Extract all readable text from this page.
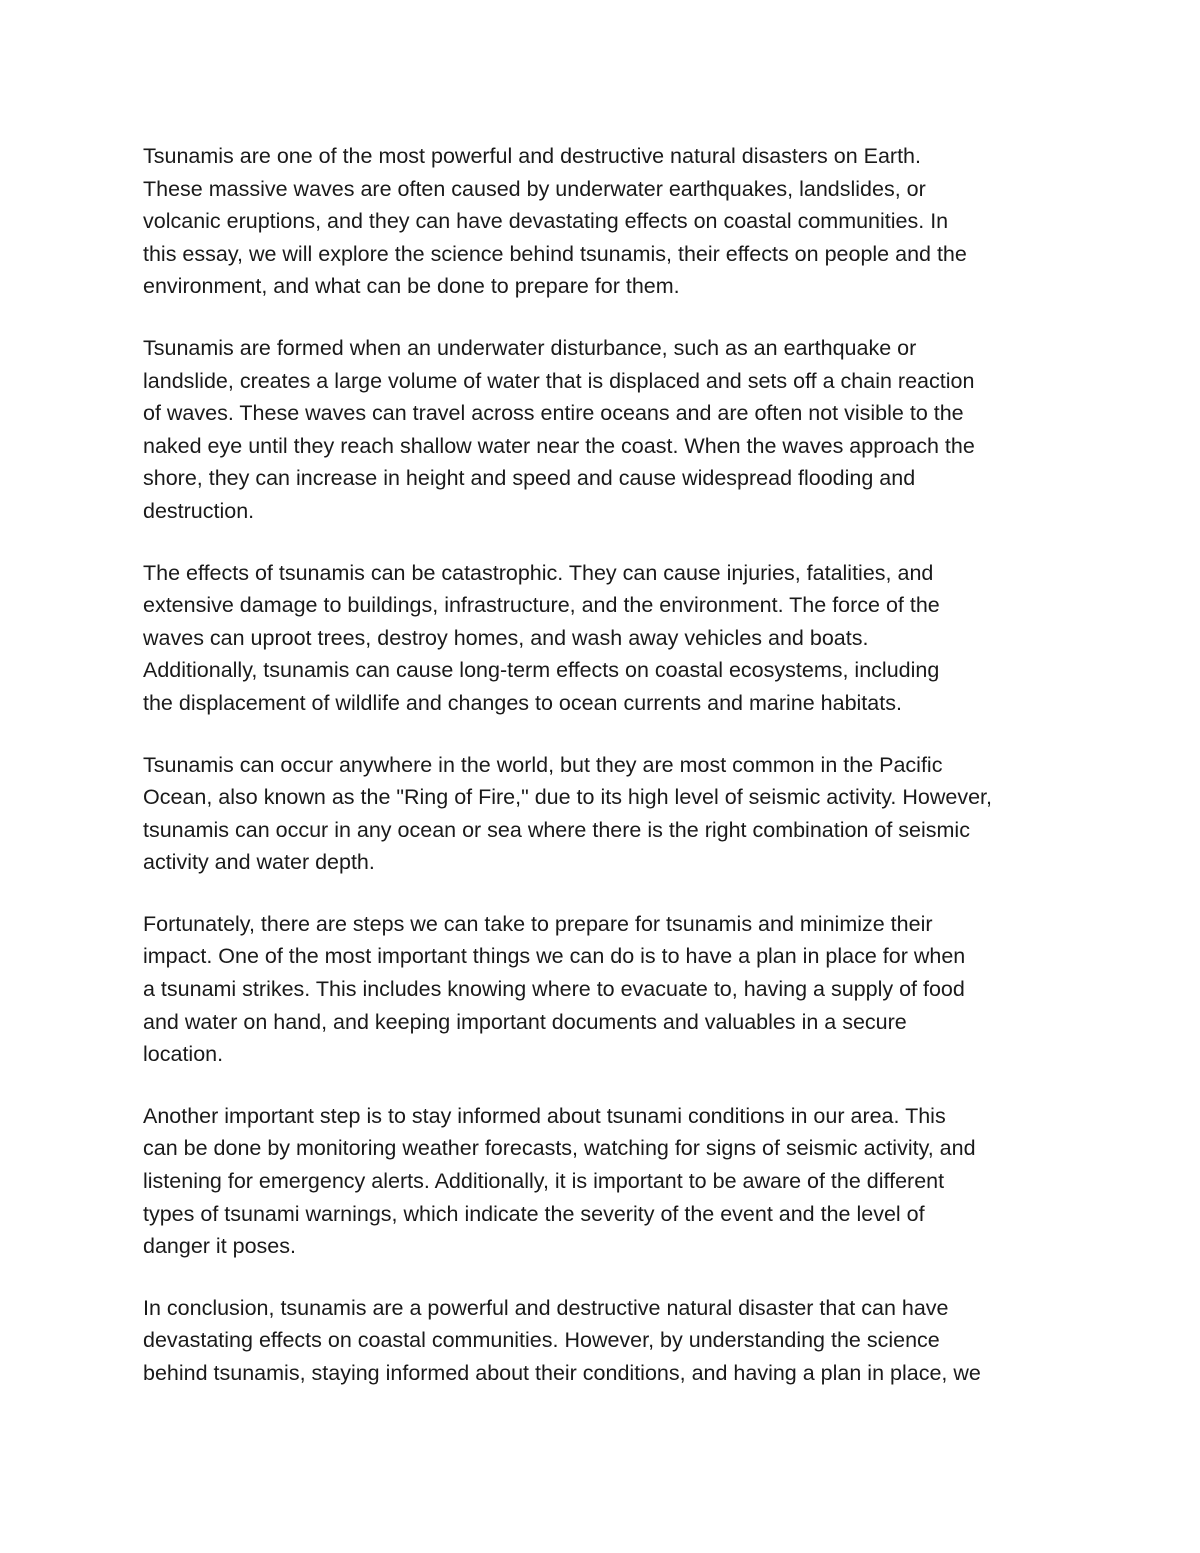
Tsunamis are one of the most powerful and destructive natural disasters on Earth.
These massive waves are often caused by underwater earthquakes, landslides, or
volcanic eruptions, and they can have devastating effects on coastal communities. In
this essay, we will explore the science behind tsunamis, their effects on people and the
environment, and what can be done to prepare for them.

Tsunamis are formed when an underwater disturbance, such as an earthquake or
landslide, creates a large volume of water that is displaced and sets off a chain reaction
of waves. These waves can travel across entire oceans and are often not visible to the
naked eye until they reach shallow water near the coast. When the waves approach the
shore, they can increase in height and speed and cause widespread flooding and
destruction.

The effects of tsunamis can be catastrophic. They can cause injuries, fatalities, and
extensive damage to buildings, infrastructure, and the environment. The force of the
waves can uproot trees, destroy homes, and wash away vehicles and boats.
Additionally, tsunamis can cause long-term effects on coastal ecosystems, including
the displacement of wildlife and changes to ocean currents and marine habitats.

Tsunamis can occur anywhere in the world, but they are most common in the Pacific
Ocean, also known as the "Ring of Fire," due to its high level of seismic activity. However,
tsunamis can occur in any ocean or sea where there is the right combination of seismic
activity and water depth.

Fortunately, there are steps we can take to prepare for tsunamis and minimize their
impact. One of the most important things we can do is to have a plan in place for when
a tsunami strikes. This includes knowing where to evacuate to, having a supply of food
and water on hand, and keeping important documents and valuables in a secure
location.

Another important step is to stay informed about tsunami conditions in our area. This
can be done by monitoring weather forecasts, watching for signs of seismic activity, and
listening for emergency alerts. Additionally, it is important to be aware of the different
types of tsunami warnings, which indicate the severity of the event and the level of
danger it poses.

In conclusion, tsunamis are a powerful and destructive natural disaster that can have
devastating effects on coastal communities. However, by understanding the science
behind tsunamis, staying informed about their conditions, and having a plan in place, we
